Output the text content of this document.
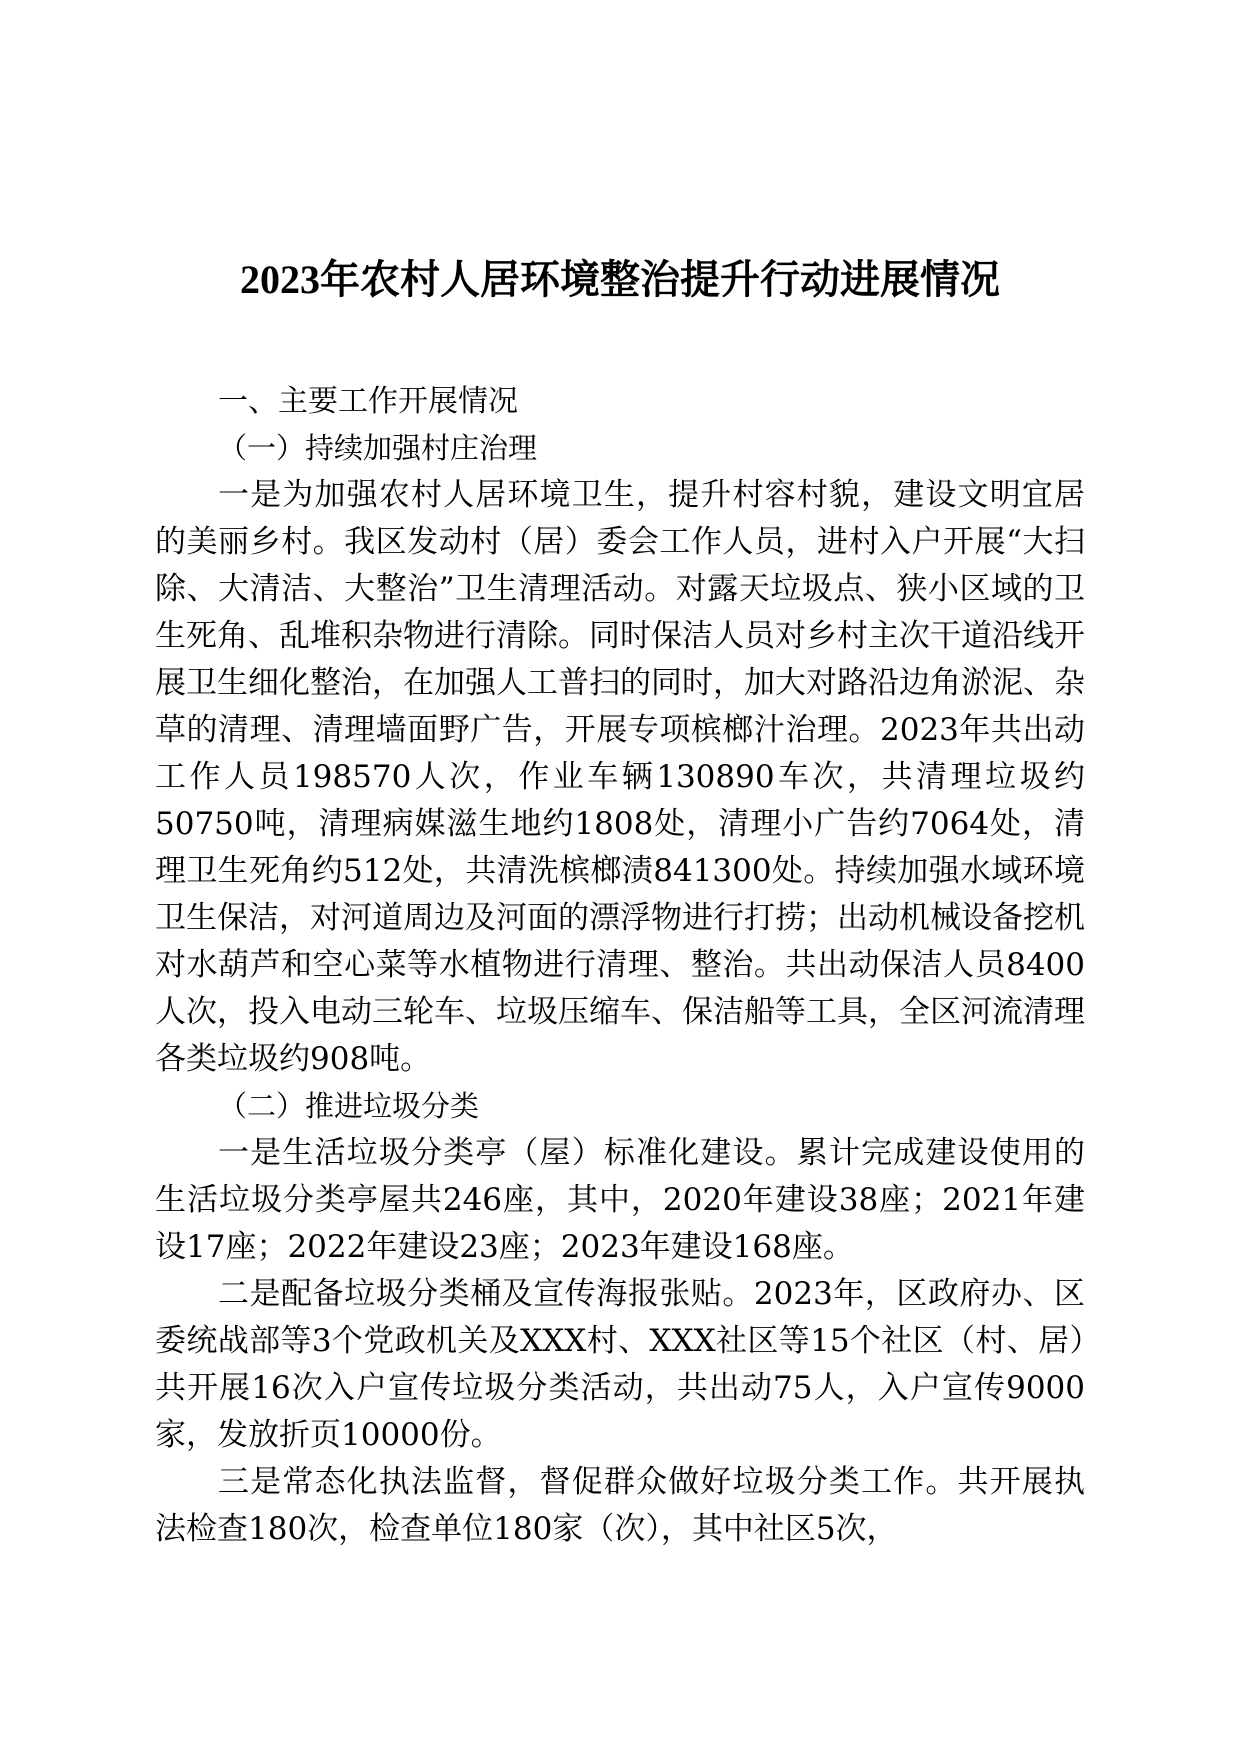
2023年农村人居环境整治提升行动进展情况
一、主要工作开展情况
（一）持续加强村庄治理

一是为加强农村人居环境卫生，提升村容村貌，建设文明宜居的美丽乡村。我区发动村（居）委会工作人员，进村入户开展“大扫除、大清洁、大整治”卫生清理活动。对露天垃圾点、狭小区域的卫生死角、乱堆积杂物进行清除。同时保洁人员对乡村主次干道沿线开展卫生细化整治，在加强人工普扫的同时，加大对路沿边角淤泥、杂草的清理、清理墙面野广告，开展专项槟榔汁治理。2023年共出动工作人员198570人次，作业车辆130890车次，共清理垃圾约50750吨，清理病媒滋生地约1808处，清理小广告约7064处，清理卫生死角约512处，共清洗槟榔渍841300处。持续加强水域环境卫生保洁，对河道周边及河面的漂浮物进行打捞；出动机械设备挖机对水葫芦和空心菜等水植物进行清理、整治。共出动保洁人员8400人次，投入电动三轮车、垃圾压缩车、保洁船等工具，全区河流清理各类垃圾约908吨。

（二）推进垃圾分类

一是生活垃圾分类亭（屋）标准化建设。累计完成建设使用的生活垃圾分类亭屋共246座，其中，2020年建设38座；2021年建设17座；2022年建设23座；2023年建设168座。

二是配备垃圾分类桶及宣传海报张贴。2023年，区政府办、区委统战部等3个党政机关及XXX村、XXX社区等15个社区（村、居）共开展16次入户宣传垃圾分类活动，共出动75人，入户宣传9000家，发放折页10000份。

三是常态化执法监督，督促群众做好垃圾分类工作。共开展执法检查180次，检查单位180家（次），其中社区5次，
